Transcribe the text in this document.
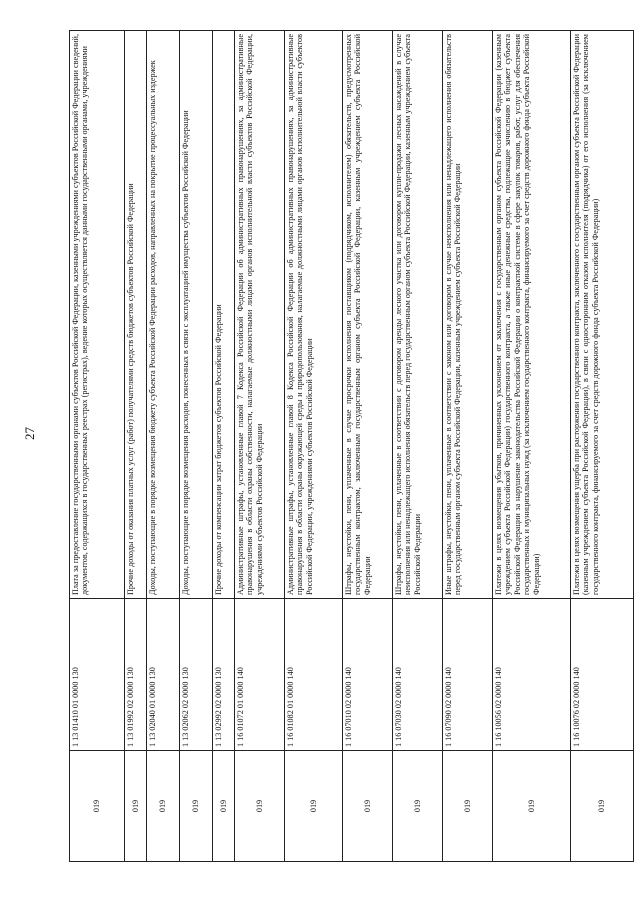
27
019	1 13 01410 01 0000 130	Плата за предоставление государственными органами субъектов Российской Федерации, казенными учреждениями субъектов Российской Федерации сведений, документов, содержащихся в государственных реестрах (регистрах), ведение которых осуществляется данными государственными органами, учреждениями
019	1 13 01992 02 0000 130	Прочие доходы от оказания платных услуг (работ) получателями средств бюджетов субъектов Российской Федерации
019	1 13 02040 01 0000 130	Доходы, поступающие в порядке возмещения бюджету субъекта Российской Федерации расходов, направленных на покрытие процессуальных издержек
019	1 13 02062 02 0000 130	Доходы, поступающие в порядке возмещения расходов, понесенных в связи с эксплуатацией имущества субъектов Российской Федерации
019	1 13 02992 02 0000 130	Прочие доходы от компенсации затрат бюджетов субъектов Российской Федерации
019	1 16 01072 01 0000 140	Административные штрафы, установленные главой 7 Кодекса Российской Федерации об административных правонарушениях, за административные правонарушения в области охраны собственности, налагаемые должностными лицами органов исполнительной власти субъектов Российской Федерации, учреждениями субъектов Российской Федерации
019	1 16 01082 01 0000 140	Административные штрафы, установленные главой 8 Кодекса Российской Федерации об административных правонарушениях, за административные правонарушения в области охраны окружающей среды и природопользования, налагаемые должностными лицами органов исполнительной власти субъектов Российской Федерации, учреждениями субъектов Российской Федерации
019	1 16 07010 02 0000 140	Штрафы, неустойки, пени, уплаченные в случае просрочки исполнения поставщиком (подрядчиком, исполнителем) обязательств, предусмотренных государственным контрактом, заключенным государственным органом субъекта Российской Федерации, казенным учреждением субъекта Российской Федерации
019	1 16 07030 02 0000 140	Штрафы, неустойки, пени, уплаченные в соответствии с договором аренды лесного участка или договором купли-продажи лесных насаждений в случае неисполнения или ненадлежащего исполнения обязательств перед государственным органом субъекта Российской Федерации, казенным учреждением субъекта Российской Федерации
019	1 16 07090 02 0000 140	Иные штрафы, неустойки, пени, уплаченные в соответствии с законом или договором в случае неисполнения или ненадлежащего исполнения обязательств перед государственным органом субъекта Российской Федерации, казенным учреждением субъекта Российской Федерации
019	1 16 10056 02 0000 140	Платежи в целях возмещения убытков, причиненных уклонением от заключения с государственным органом субъекта Российской Федерации (казенным учреждением субъекта Российской Федерации) государственного контракта, а также иные денежные средства, подлежащие зачислению в бюджет субъекта Российской Федерации за нарушение законодательства Российской Федерации о контрактной системе в сфере закупок товаров, работ, услуг для обеспечения государственных и муниципальных нужд (за исключением государственного контракта, финансируемого за счет средств дорожного фонда субъекта Российской Федерации)
019	1 16 10076 02 0000 140	Платежи в целях возмещения ущерба при расторжении государственного контракта, заключенного с государственным органом субъекта Российской Федерации (казенным учреждением субъекта Российской Федерации), в связи с односторонним отказом исполнителя (подрядчика) от его исполнения (за исключением государственного контракта, финансируемого за счет средств дорожного фонда субъекта Российской Федерации)
